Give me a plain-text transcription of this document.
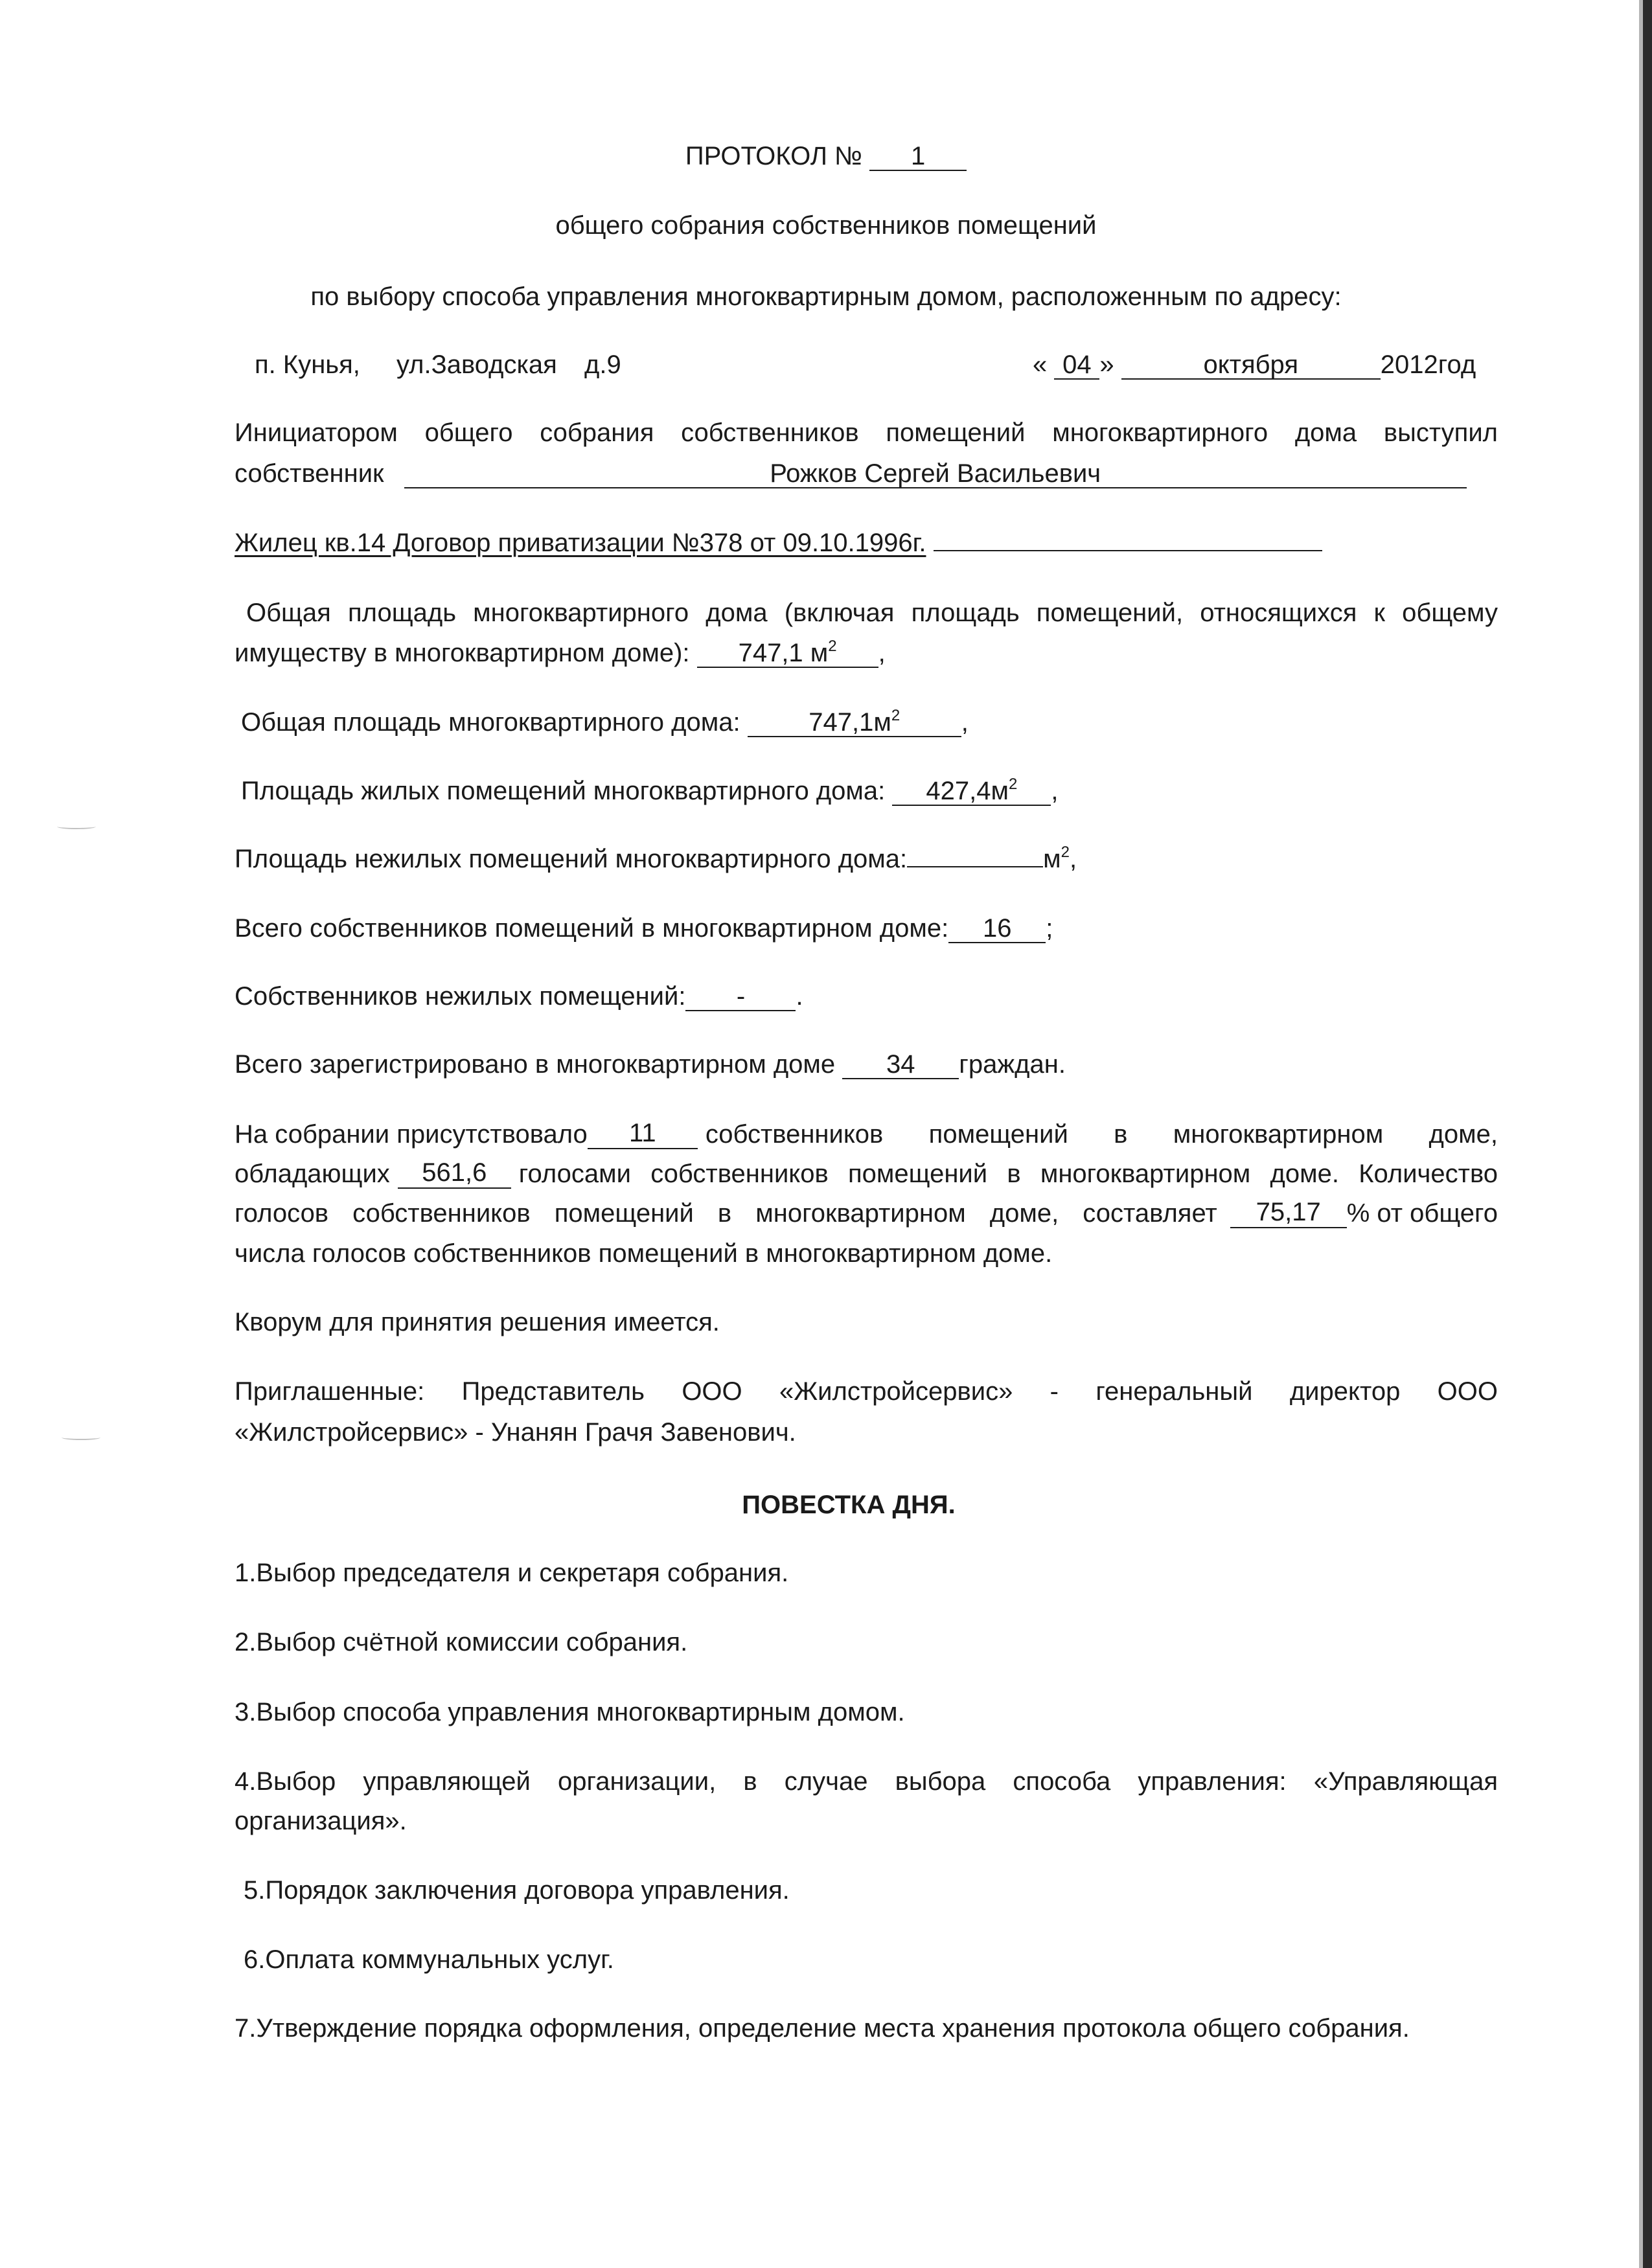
ПРОТОКОЛ № 1
общего собрания собственников помещений
по выбору способа управления многоквартирным домом, расположенным по адресу:
п. Кунья, ул.Заводская д.9	« 04 »	октября	2012год
Инициатором общего собрания собственников помещений многоквартирного дома выступил
собственник	Рожков Сергей Васильевич
Жилец кв.14 Договор приватизации №378 от 09.10.1996г.
Общая площадь многоквартирного дома (включая площадь помещений, относящихся к общему
имуществу в многоквартирном доме): 747,1 $м^2$ ,
Общая площадь многоквартирного дома:	$747,1м^2$ ,
Площадь жилых помещений многоквартирного дома: $427,4м^2$ ,
Площадь нежилых помещений многоквартирного дома:	$м^2$,
Всего собственников помещений в многоквартирном доме: 16 ;
Собственников нежилых помещений: - .
Всего зарегистрировано в многоквартирном доме 34 граждан.
На собрании присутствовало	11	собственников помещений в многоквартирном доме,
обладающих	561,6	голосами собственников помещений в многоквартирном доме. Количество
голосов собственников помещений в многоквартирном доме, составляет	75,17 % от общего
числа голосов собственников помещений в многоквартирном доме.
Кворум для принятия решения имеется.
Приглашенные: Представитель ООО «Жилстройсервис» - генеральный директор ООО
«Жилстройсервис» - Унанян Грачя Завенович.
ПОВЕСТКА ДНЯ.
1.Выбор председателя и секретаря собрания.
2.Выбор счётной комиссии собрания.
3.Выбор способа управления многоквартирным домом.
4.Выбор управляющей организации, в случае выбора способа управления: «Управляющая
организация».
5.Порядок заключения договора управления.
6.Оплата коммунальных услуг.
7.Утверждение порядка оформления, определение места хранения протокола общего собрания.
